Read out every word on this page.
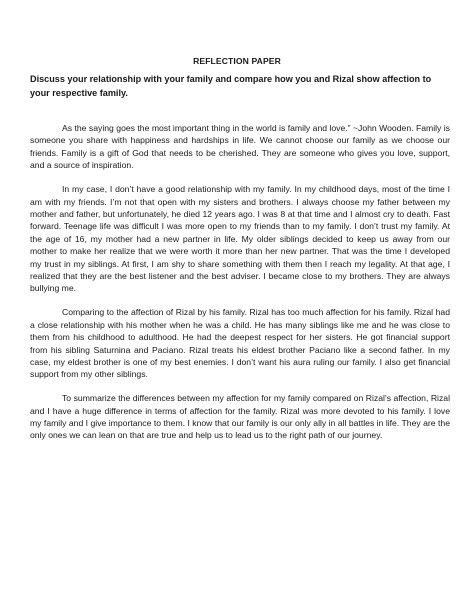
REFLECTION PAPER

Discuss your relationship with your family and compare how you and Rizal show affection to your respective family.

As the saying goes the most important thing in the world is family and love.” ~John Wooden. Family is someone you share with happiness and hardships in life. We cannot choose our family as we choose our friends. Family is a gift of God that needs to be cherished. They are someone who gives you love, support, and a source of inspiration.

In my case, I don’t have a good relationship with my family. In my childhood days, most of the time I am with my friends. I’m not that open with my sisters and brothers. I always choose my father between my mother and father, but unfortunately, he died 12 years ago. I was 8 at that time and I almost cry to death. Fast forward. Teenage life was difficult I was more open to my friends than to my family. I don’t trust my family. At the age of 16, my mother had a new partner in life. My older siblings decided to keep us away from our mother to make her realize that we were worth it more than her new partner. That was the time I developed my trust in my siblings. At first, I am shy to share something with them then I reach my legality. At that age, I realized that they are the best listener and the best adviser. I became close to my brothers. They are always bullying me.

Comparing to the affection of Rizal by his family. Rizal has too much affection for his family. Rizal had a close relationship with his mother when he was a child. He has many siblings like me and he was close to them from his childhood to adulthood. He had the deepest respect for her sisters. He got financial support from his sibling Saturnina and Paciano. Rizal treats his eldest brother Paciano like a second father. In my case, my eldest brother is one of my best enemies. I don’t want his aura ruling our family. I also get financial support from my other siblings.

To summarize the differences between my affection for my family compared on Rizal’s affection, Rizal and I have a huge difference in terms of affection for the family. Rizal was more devoted to his family. I love my family and I give importance to them. I know that our family is our only ally in all battles in life. They are the only ones we can lean on that are true and help us to lead us to the right path of our journey.
